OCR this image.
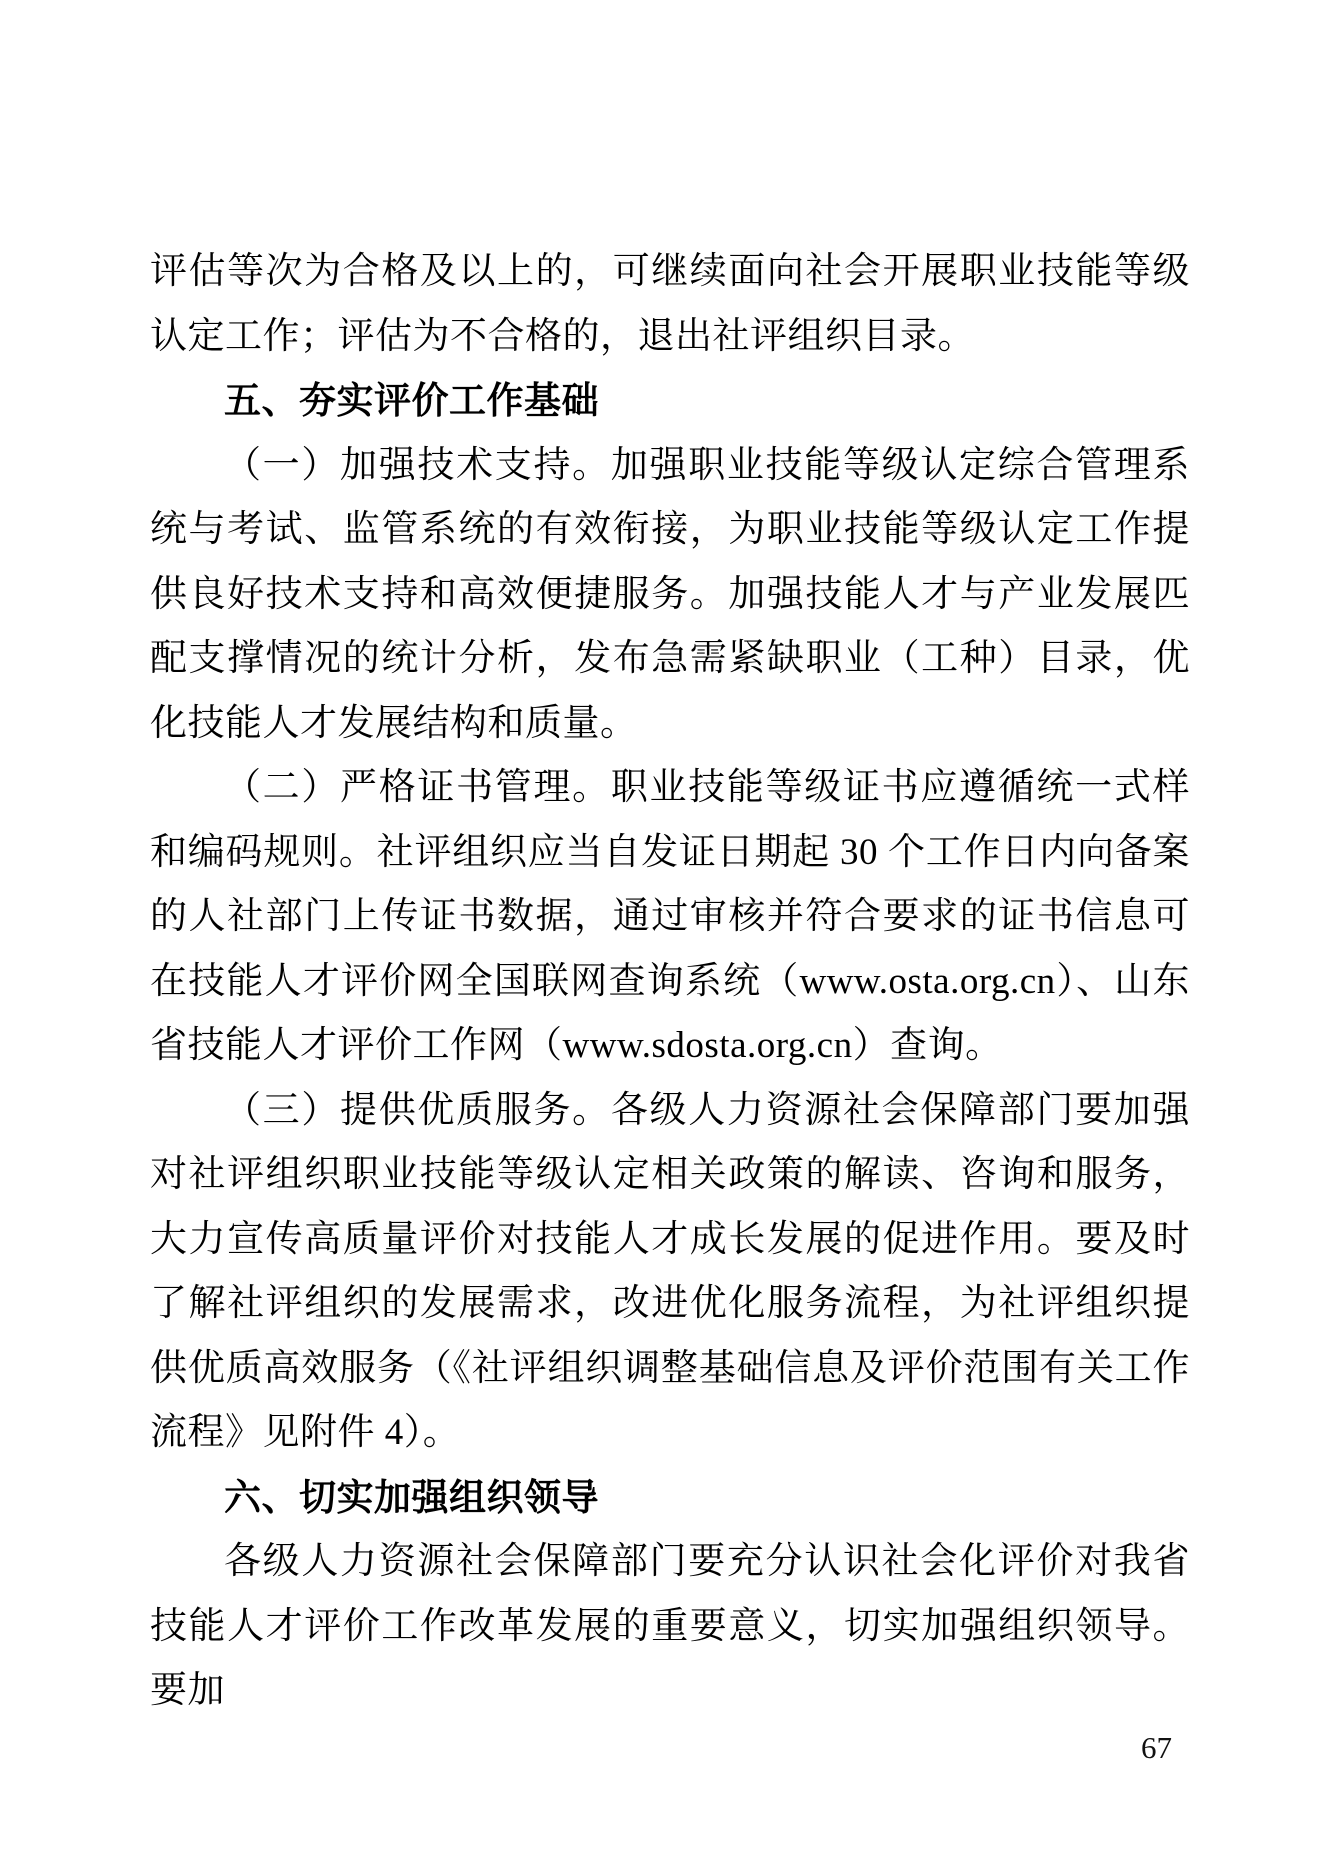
评估等次为合格及以上的，可继续面向社会开展职业技能等级认定工作；评估为不合格的，退出社评组织目录。

五、夯实评价工作基础

（一）加强技术支持。加强职业技能等级认定综合管理系统与考试、监管系统的有效衔接，为职业技能等级认定工作提供良好技术支持和高效便捷服务。加强技能人才与产业发展匹配支撑情况的统计分析，发布急需紧缺职业（工种）目录，优化技能人才发展结构和质量。

（二）严格证书管理。职业技能等级证书应遵循统一式样和编码规则。社评组织应当自发证日期起 30 个工作日内向备案的人社部门上传证书数据，通过审核并符合要求的证书信息可在技能人才评价网全国联网查询系统（www.osta.org.cn）、山东省技能人才评价工作网（www.sdosta.org.cn）查询。

（三）提供优质服务。各级人力资源社会保障部门要加强对社评组织职业技能等级认定相关政策的解读、咨询和服务，大力宣传高质量评价对技能人才成长发展的促进作用。要及时了解社评组织的发展需求，改进优化服务流程，为社评组织提供优质高效服务（《社评组织调整基础信息及评价范围有关工作流程》见附件 4）。

六、切实加强组织领导

各级人力资源社会保障部门要充分认识社会化评价对我省技能人才评价工作改革发展的重要意义，切实加强组织领导。要加

67
